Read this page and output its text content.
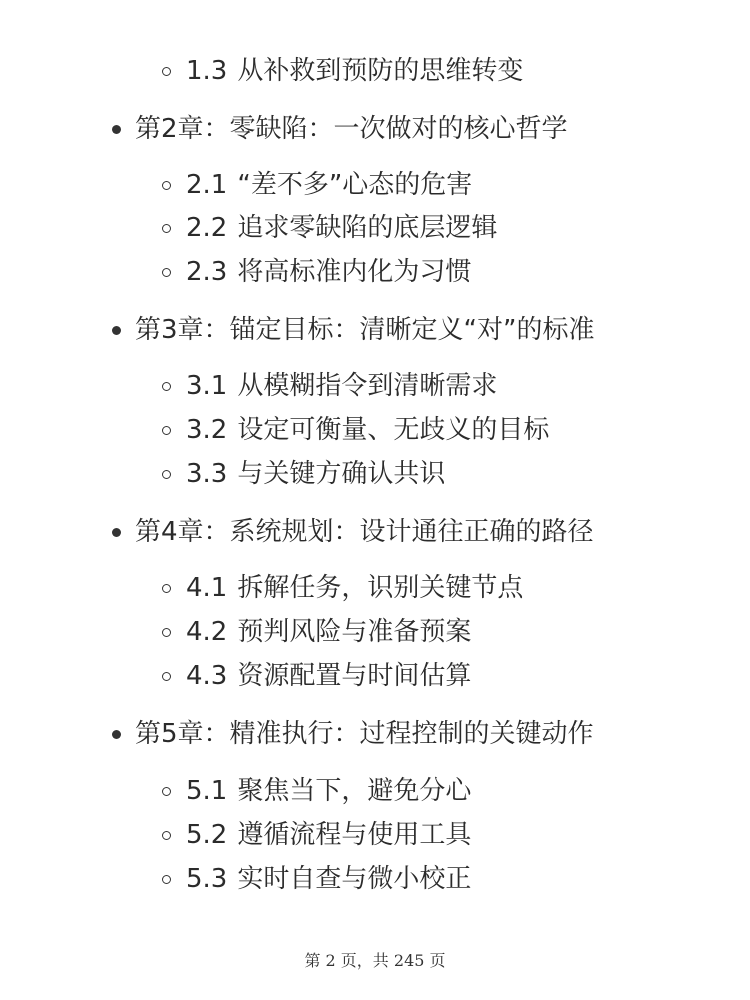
1.3 从补救到预防的思维转变
第2章： 零缺陷：一次做对的核心哲学
2.1 “差不多”心态的危害
2.2 追求零缺陷的底层逻辑
2.3 将高标准内化为习惯
第3章： 锚定目标：清晰定义“对”的标准
3.1 从模糊指令到清晰需求
3.2 设定可衡量、无歧义的目标
3.3 与关键方确认共识
第4章： 系统规划：设计通往正确的路径
4.1 拆解任务，识别关键节点
4.2 预判风险与准备预案
4.3 资源配置与时间估算
第5章： 精准执行：过程控制的关键动作
5.1 聚焦当下，避免分心
5.2 遵循流程与使用工具
5.3 实时自查与微小校正
第 2 页，共 245 页
